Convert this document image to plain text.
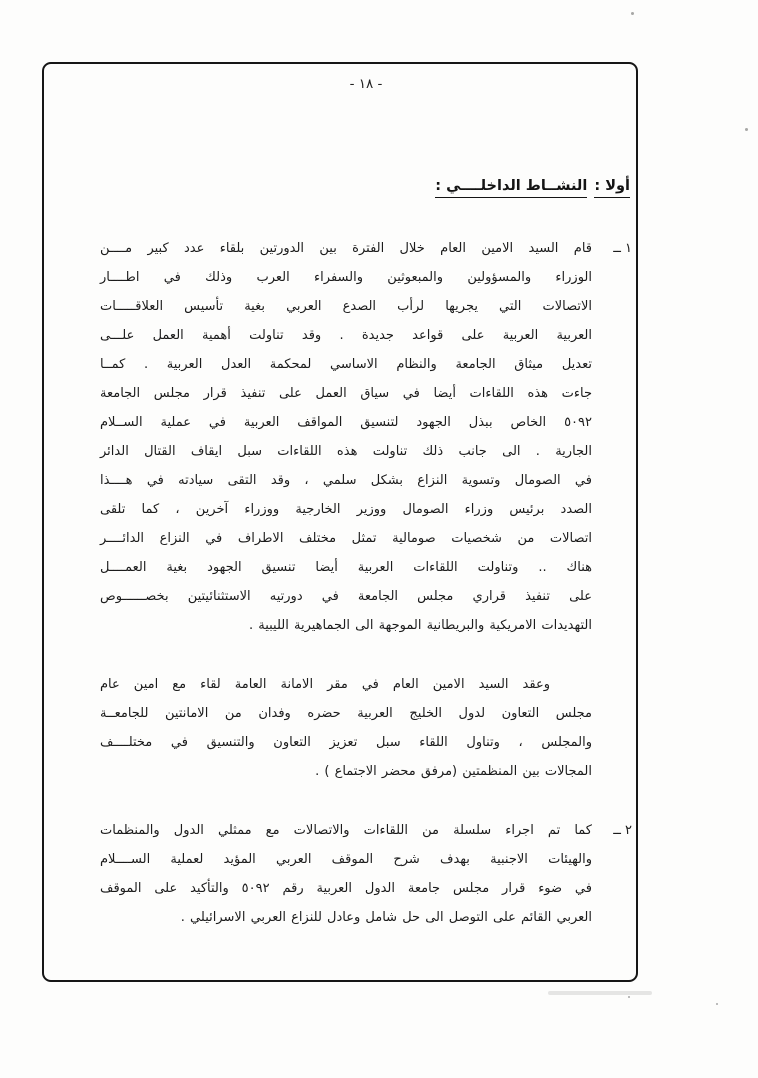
- ١٨ -
أولا : النشــاط الداخلــــي :
١ ــ
قام السيد الامين العام خلال الفترة بين الدورتين بلقاء عدد كبير مــــن
الوزراء والمسؤولين والمبعوثين والسفراء العرب وذلك في اطــــار
الاتصالات التي يجريها لرأب الصدع العربي بغية تأسيس العلاقـــــات
العربية العربية على قواعد جديدة . وقد تناولت أهمية العمل علـــى
تعديل ميثاق الجامعة والنظام الاساسي لمحكمة العدل العربية . كمــا
جاءت هذه اللقاءات أيضا في سياق العمل على تنفيذ قرار مجلس الجامعة
٥٠٩٢ الخاص ببذل الجهود لتنسيق المواقف العربية في عملية الســلام
الجارية . الى جانب ذلك تناولت هذه اللقاءات سبل ايقاف القتال الدائر
في الصومال وتسوية النزاع بشكل سلمي ، وقد التقى سيادته في هــــذا
الصدد برئيس وزراء الصومال ووزير الخارجية ووزراء آخرين ، كما تلقى
اتصالات من شخصيات صومالية تمثل مختلف الاطراف في النزاع الدائــــر
هناك .. وتناولت اللقاءات العربية أيضا تنسيق الجهود بغية العمــــل
على تنفيذ قراري مجلس الجامعة في دورتيه الاستثنائيتين بخصــــــوص
التهديدات الامريكية والبريطانية الموجهة الى الجماهيرية الليبية .
وعقد السيد الامين العام في مقر الامانة العامة لقاء مع امين عام
مجلس التعاون لدول الخليج العربية حضره وفدان من الامانتين للجامعــة
والمجلس ، وتناول اللقاء سبل تعزيز التعاون والتنسيق في مختلــــف
المجالات بين المنظمتين (مرفق محضر الاجتماع ) .
٢ ــ
كما تم اجراء سلسلة من اللقاءات والاتصالات مع ممثلي الدول والمنظمات
والهيئات الاجنبية بهدف شرح الموقف العربي المؤيد لعملية الســــلام
في ضوء قرار مجلس جامعة الدول العربية رقم ٥٠٩٢ والتأكيد على الموقف
العربي القائم على التوصل الى حل شامل وعادل للنزاع العربي الاسرائيلي .
